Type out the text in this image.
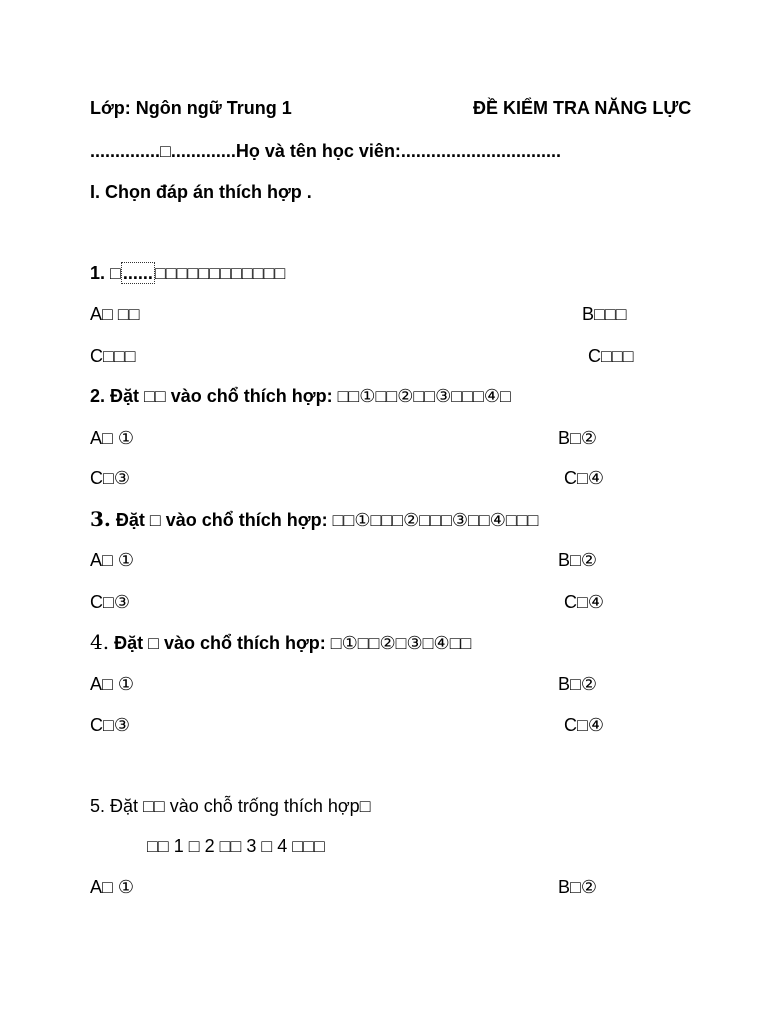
Lớp: Ngôn ngữ Trung 1	ĐỀ KIỂM TRA NĂNG LỰC
..............□.............Họ và tên học viên:................................
I. Chọn đáp án thích hợp .
1. □ ...... □□□□□□□□□□□□
A□ □□	B□□□
C□□□	C□□□
2. Đặt □□ vào chổ thích hợp: □□①□□②□□③□□□④□
A□ ①	B□②
C□③	C□④
3. Đặt □ vào chổ thích hợp: □□①□□□②□□□③□□④□□□
A□ ①	B□②
C□③	C□④
4. Đặt □ vào chổ thích hợp: □①□□②□③□④□□
A□ ①	B□②
C□③	C□④
5. Đặt □□ vào chỗ trống thích hợp□
□□ 1 □ 2 □□ 3 □ 4 □□□
A□ ①	B□②
